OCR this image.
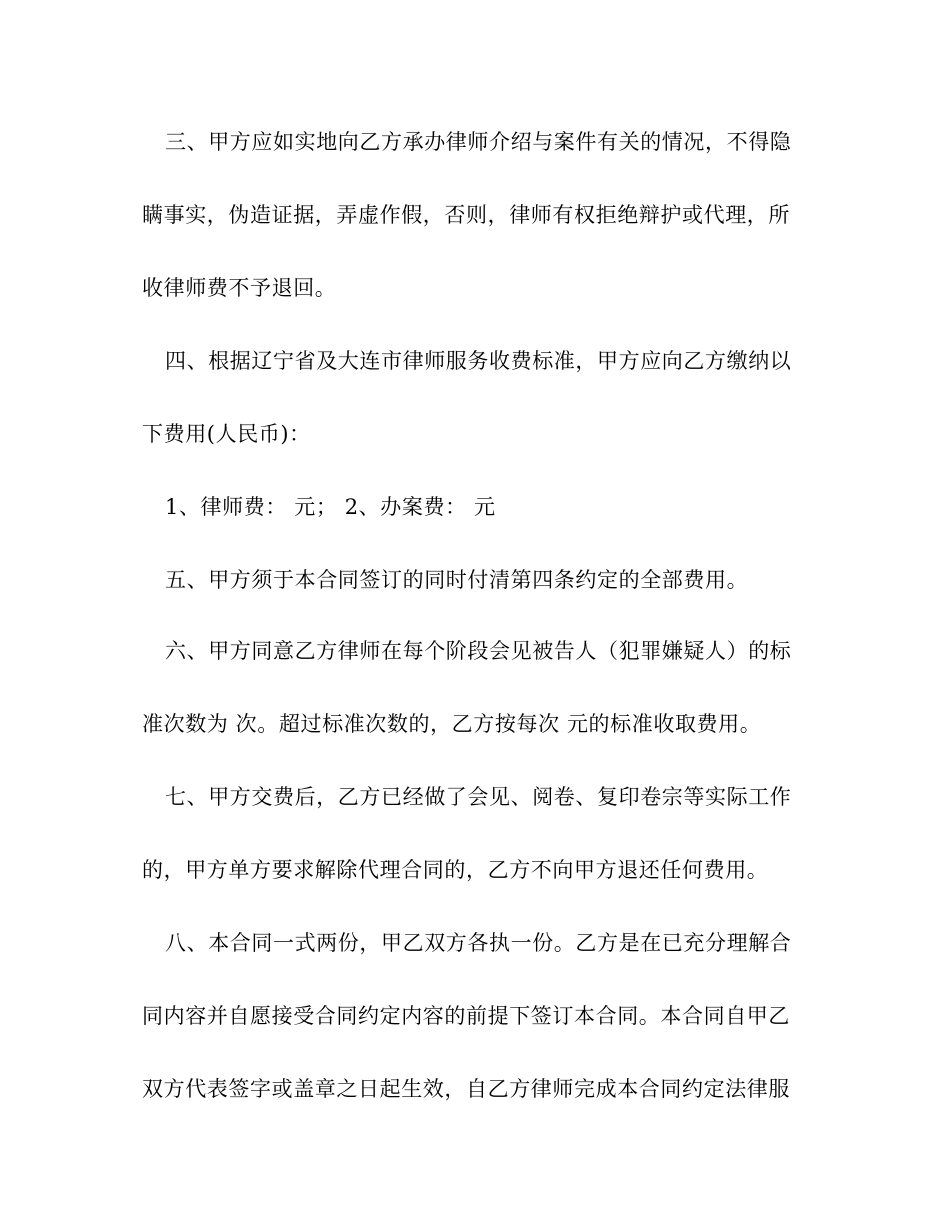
三、甲方应如实地向乙方承办律师介绍与案件有关的情况，不得隐
瞒事实，伪造证据，弄虚作假，否则，律师有权拒绝辩护或代理，所
收律师费不予退回。
四、根据辽宁省及大连市律师服务收费标准，甲方应向乙方缴纳以
下费用(人民币)：
1、律师费： 元； 2、办案费： 元
五、甲方须于本合同签订的同时付清第四条约定的全部费用。
六、甲方同意乙方律师在每个阶段会见被告人（犯罪嫌疑人）的标
准次数为 次。超过标准次数的，乙方按每次 元的标准收取费用。
七、甲方交费后，乙方已经做了会见、阅卷、复印卷宗等实际工作
的，甲方单方要求解除代理合同的，乙方不向甲方退还任何费用。
八、本合同一式两份，甲乙双方各执一份。乙方是在已充分理解合
同内容并自愿接受合同约定内容的前提下签订本合同。本合同自甲乙
双方代表签字或盖章之日起生效，自乙方律师完成本合同约定法律服
